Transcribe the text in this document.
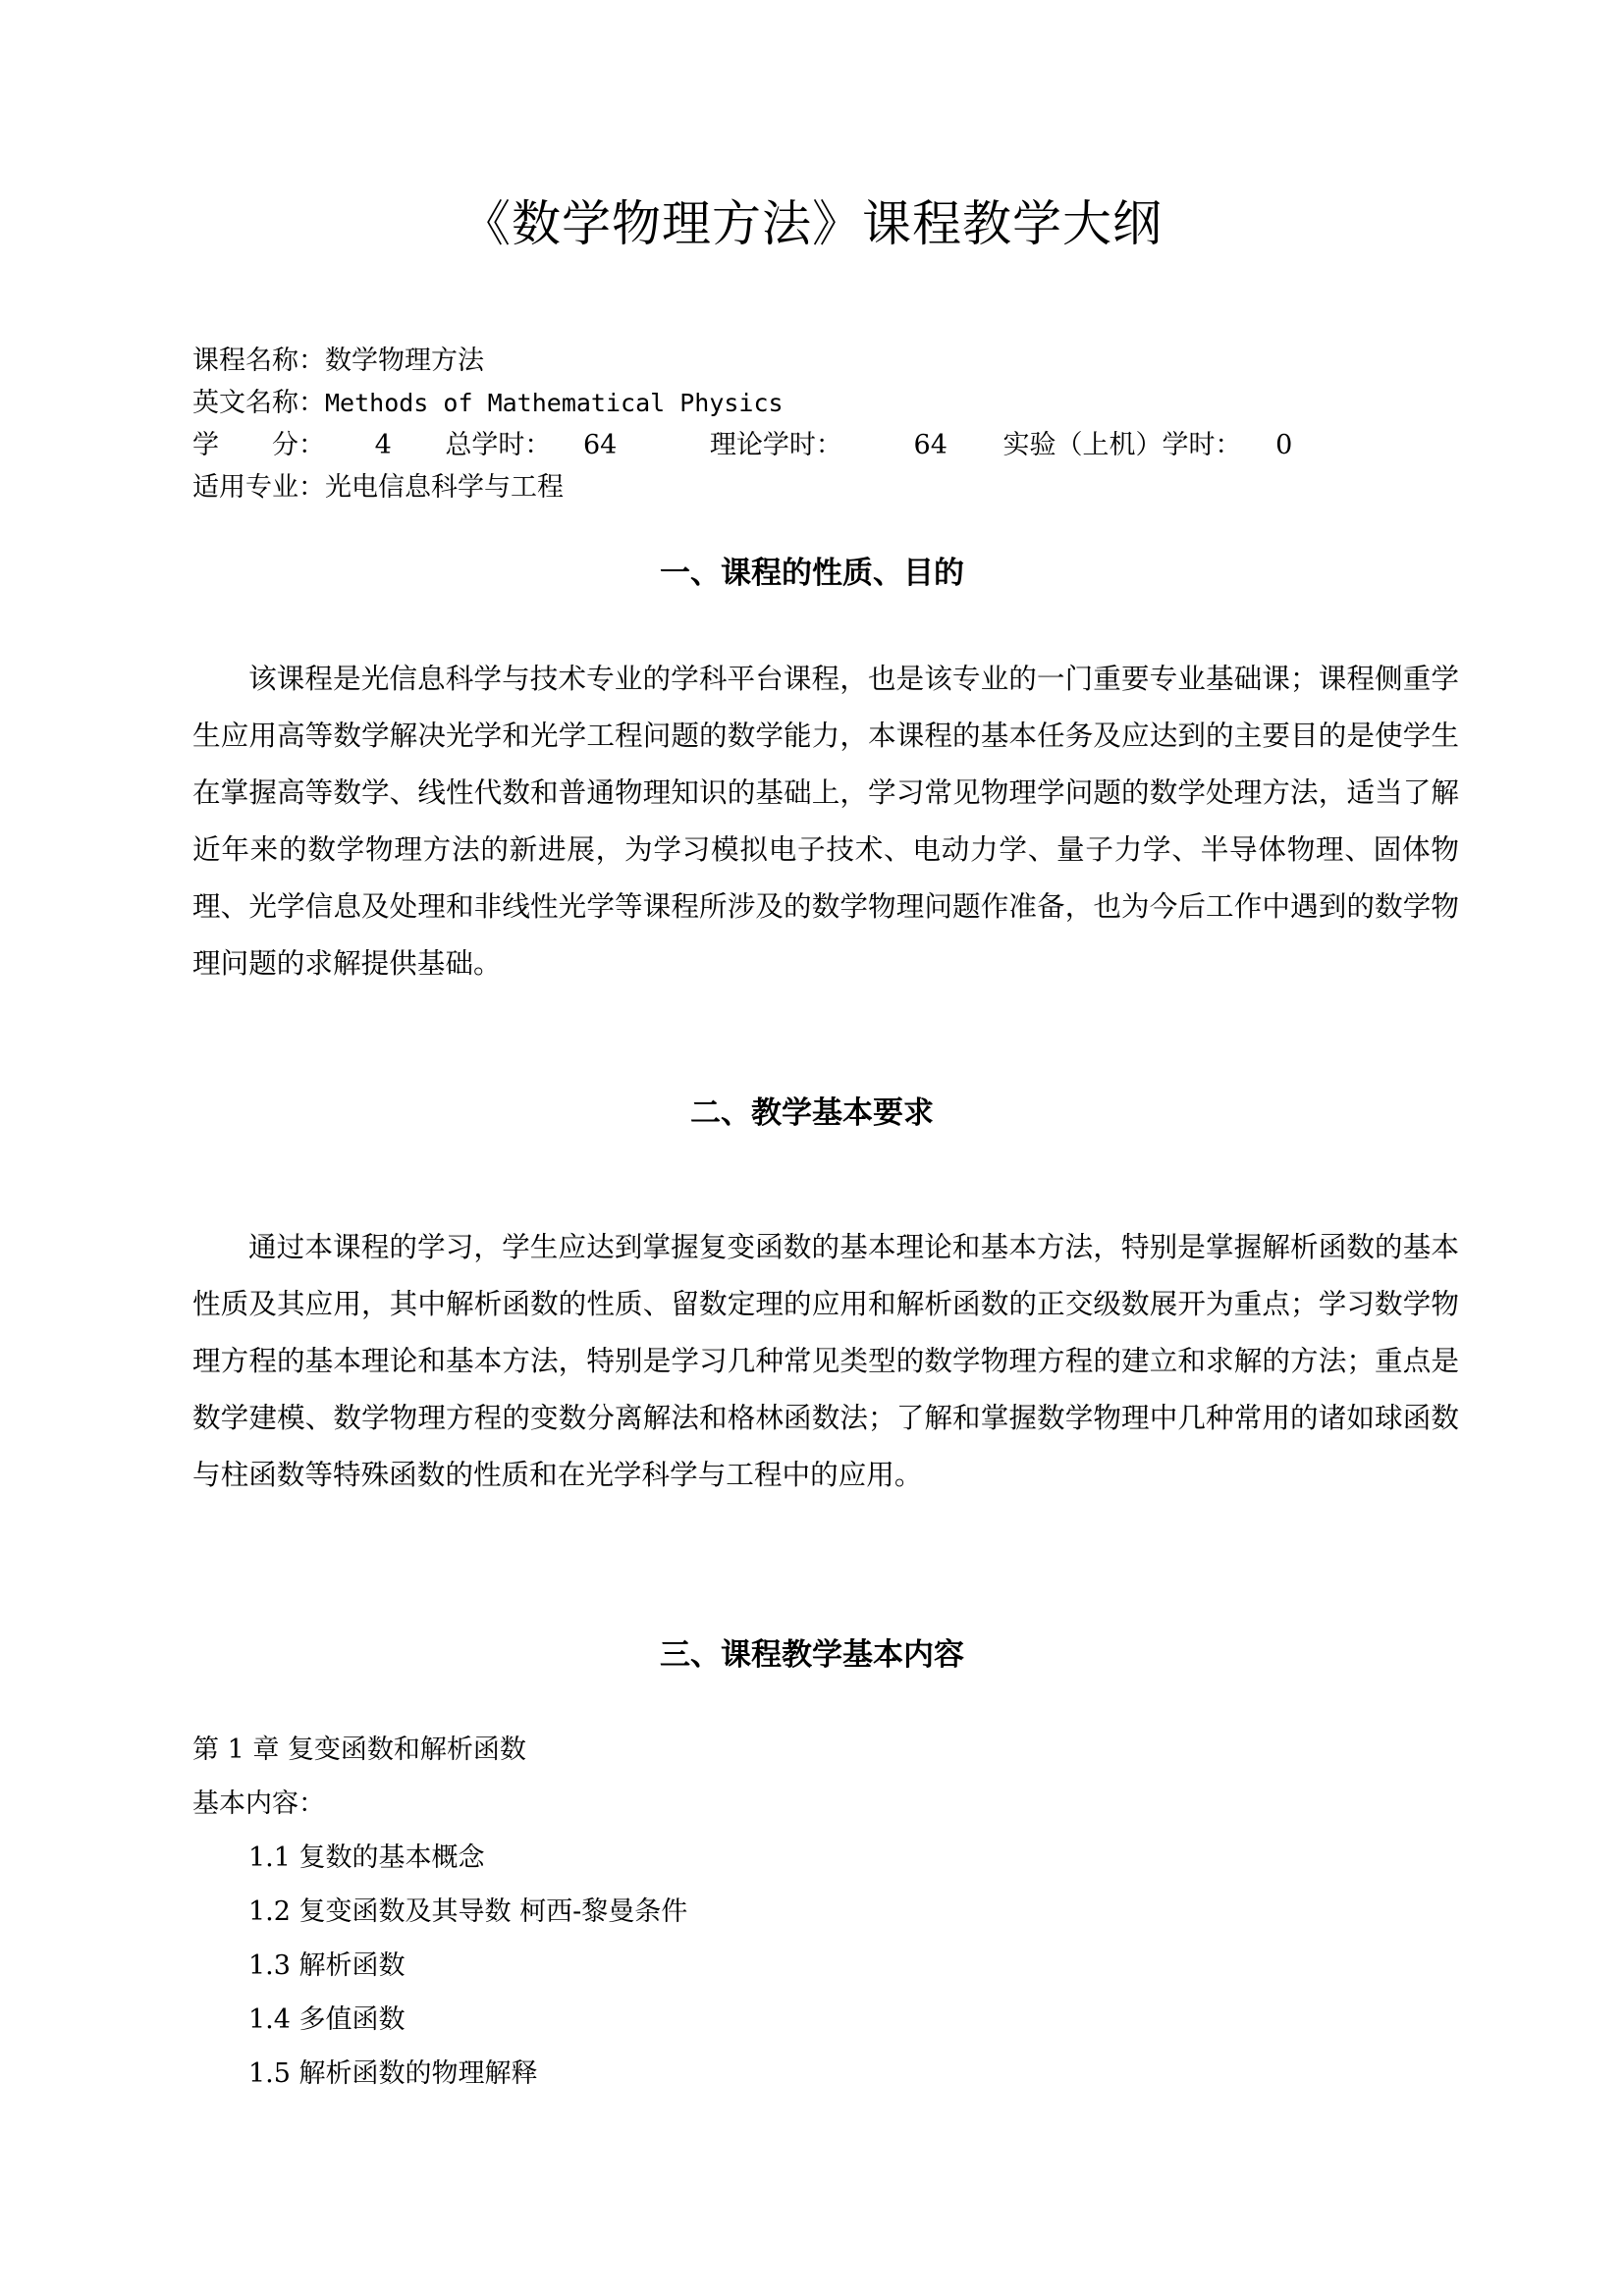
《数学物理方法》课程教学大纲
课程名称：数学物理方法
英文名称：Methods of Mathematical Physics
学　　分： 4 总学时： 64	理论学时：	64 实验（上机）学时： 0
适用专业：光电信息科学与工程
一、课程的性质、目的
该课程是光信息科学与技术专业的学科平台课程，也是该专业的一门重要专业基础课；课程侧重学生应用高等数学解决光学和光学工程问题的数学能力，本课程的基本任务及应达到的主要目的是使学生在掌握高等数学、线性代数和普通物理知识的基础上，学习常见物理学问题的数学处理方法，适当了解近年来的数学物理方法的新进展，为学习模拟电子技术、电动力学、量子力学、半导体物理、固体物理、光学信息及处理和非线性光学等课程所涉及的数学物理问题作准备，也为今后工作中遇到的数学物理问题的求解提供基础。
二、教学基本要求
通过本课程的学习，学生应达到掌握复变函数的基本理论和基本方法，特别是掌握解析函数的基本性质及其应用，其中解析函数的性质、留数定理的应用和解析函数的正交级数展开为重点；学习数学物理方程的基本理论和基本方法，特别是学习几种常见类型的数学物理方程的建立和求解的方法；重点是数学建模、数学物理方程的变数分离解法和格林函数法；了解和掌握数学物理中几种常用的诸如球函数与柱函数等特殊函数的性质和在光学科学与工程中的应用。
三、课程教学基本内容
第 1 章 复变函数和解析函数
基本内容：
1.1 复数的基本概念
1.2 复变函数及其导数 柯西-黎曼条件
1.3 解析函数
1.4 多值函数
1.5 解析函数的物理解释
